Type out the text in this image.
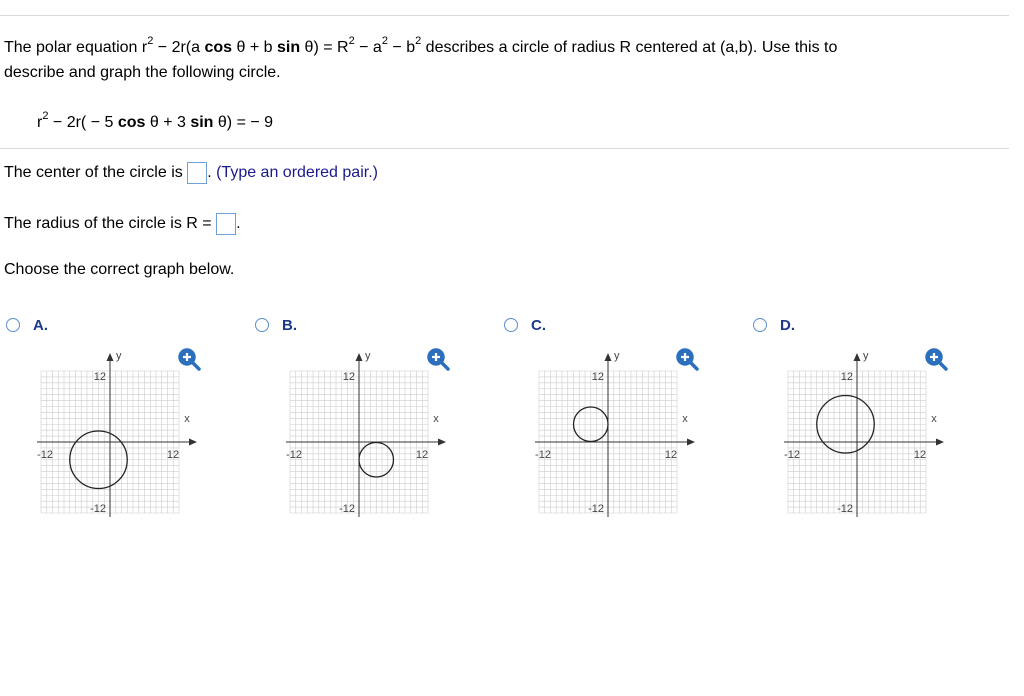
The polar equation $r^2 - 2r(a$ cos θ + b $\sin \theta) = R^2 - a^2 - b^2$ describes a circle of radius R centered at (a,b). Use this to
describe and graph the following circle.
$r^2 - 2r( - 5$ cos θ + 3 sin θ) = − 9
The center of the circle is . (Type an ordered pair.)
The radius of the circle is R = .
Choose the correct graph below.
A.
y
x
12
-12
-12	12
B.
y
x
12
-12
-12	12
C.
y
x
12
-12
-12	12
D.
y
x
12
-12
-12	12
